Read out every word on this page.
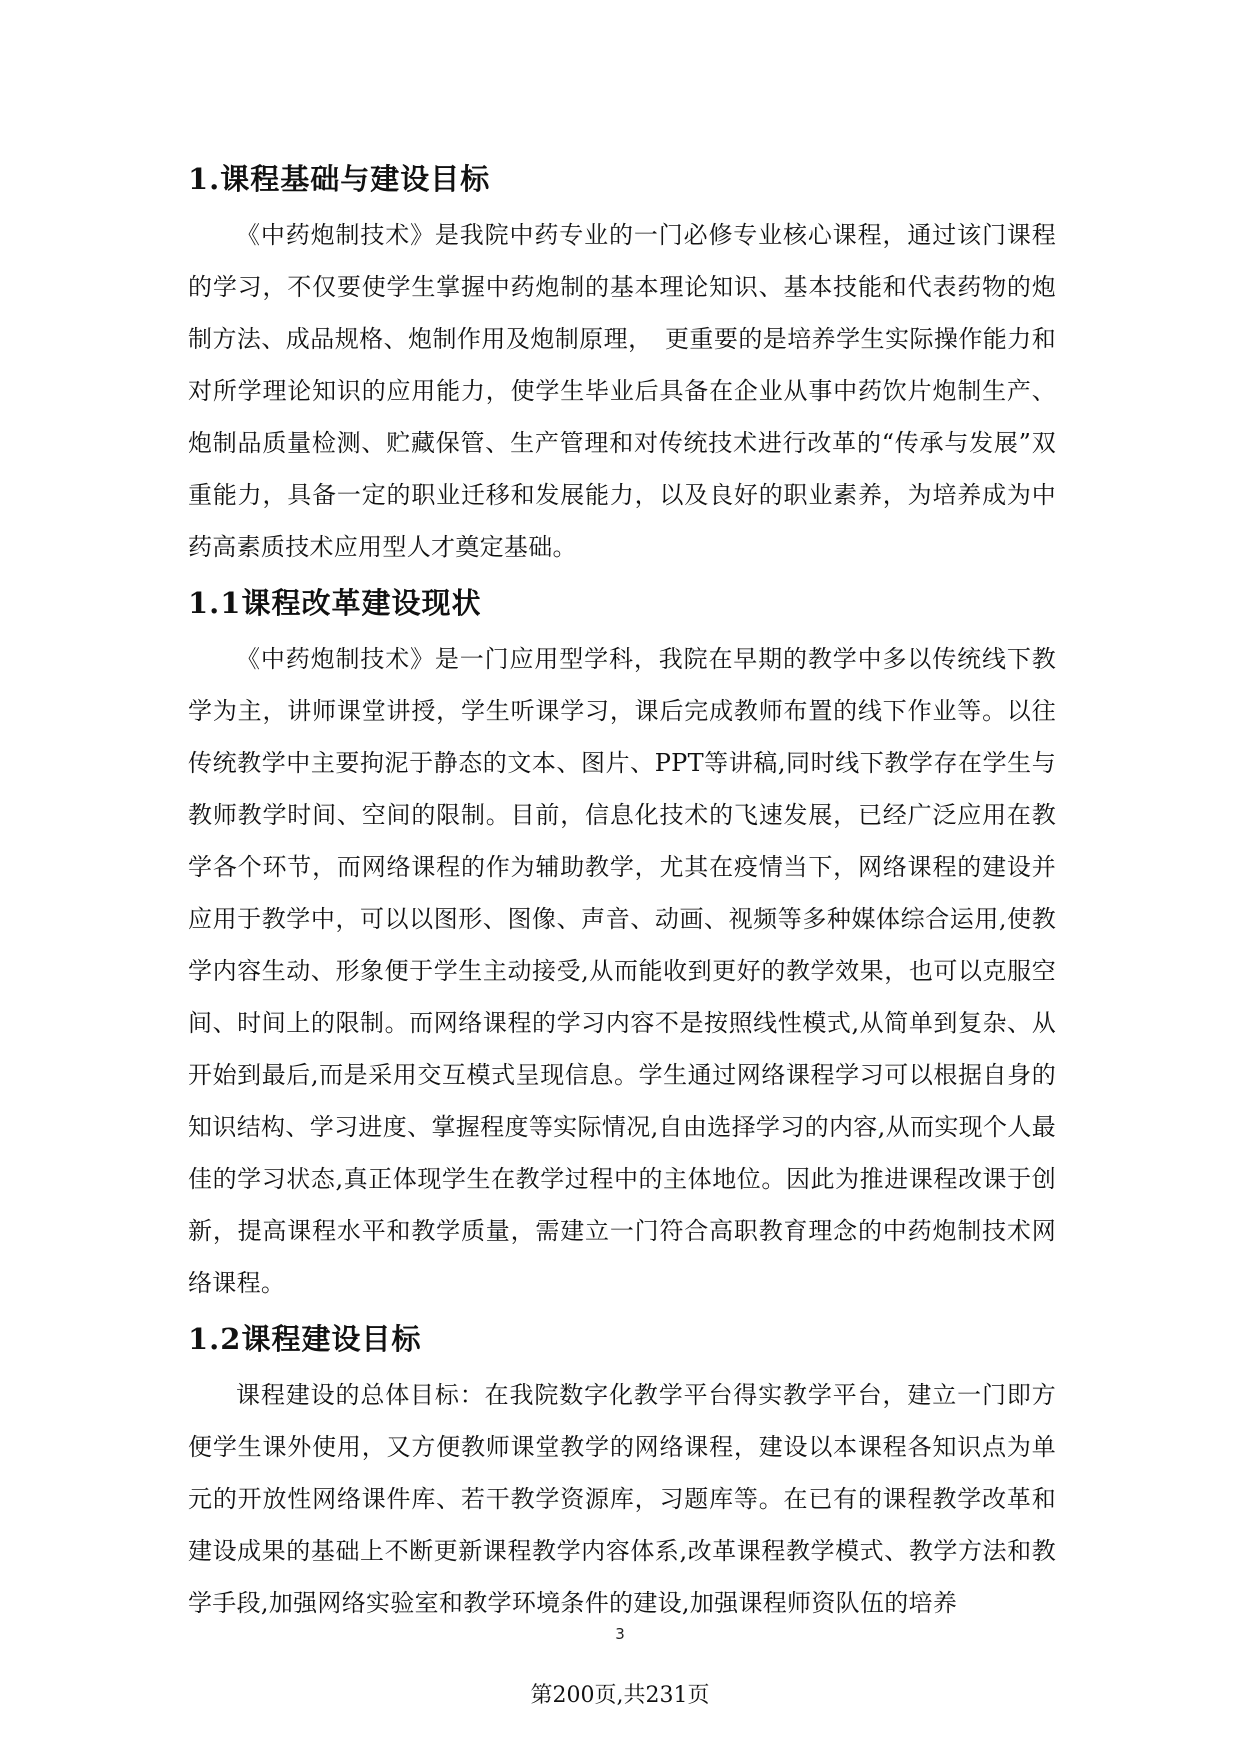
1.课程基础与建设目标

《中药炮制技术》是我院中药专业的一门必修专业核心课程，通过该门课程的学习，不仅要使学生掌握中药炮制的基本理论知识、基本技能和代表药物的炮制方法、成品规格、炮制作用及炮制原理，　更重要的是培养学生实际操作能力和对所学理论知识的应用能力，使学生毕业后具备在企业从事中药饮片炮制生产、炮制品质量检测、贮藏保管、生产管理和对传统技术进行改革的“传承与发展”双重能力，具备一定的职业迁移和发展能力，以及良好的职业素养，为培养成为中药高素质技术应用型人才奠定基础。

1.1课程改革建设现状

《中药炮制技术》是一门应用型学科，我院在早期的教学中多以传统线下教学为主，讲师课堂讲授，学生听课学习，课后完成教师布置的线下作业等。以往传统教学中主要拘泥于静态的文本、图片、PPT等讲稿,同时线下教学存在学生与教师教学时间、空间的限制。目前，信息化技术的飞速发展，已经广泛应用在教学各个环节，而网络课程的作为辅助教学，尤其在疫情当下，网络课程的建设并应用于教学中，可以以图形、图像、声音、动画、视频等多种媒体综合运用,使教学内容生动、形象便于学生主动接受,从而能收到更好的教学效果，也可以克服空间、时间上的限制。而网络课程的学习内容不是按照线性模式,从简单到复杂、从开始到最后,而是采用交互模式呈现信息。学生通过网络课程学习可以根据自身的知识结构、学习进度、掌握程度等实际情况,自由选择学习的内容,从而实现个人最佳的学习状态,真正体现学生在教学过程中的主体地位。因此为推进课程改课于创新，提高课程水平和教学质量，需建立一门符合高职教育理念的中药炮制技术网络课程。

1.2课程建设目标

课程建设的总体目标：在我院数字化教学平台得实教学平台，建立一门即方便学生课外使用，又方便教师课堂教学的网络课程，建设以本课程各知识点为单元的开放性网络课件库、若干教学资源库，习题库等。在已有的课程教学改革和建设成果的基础上不断更新课程教学内容体系,改革课程教学模式、教学方法和教学手段,加强网络实验室和教学环境条件的建设,加强课程师资队伍的培养

3
第200页,共231页
